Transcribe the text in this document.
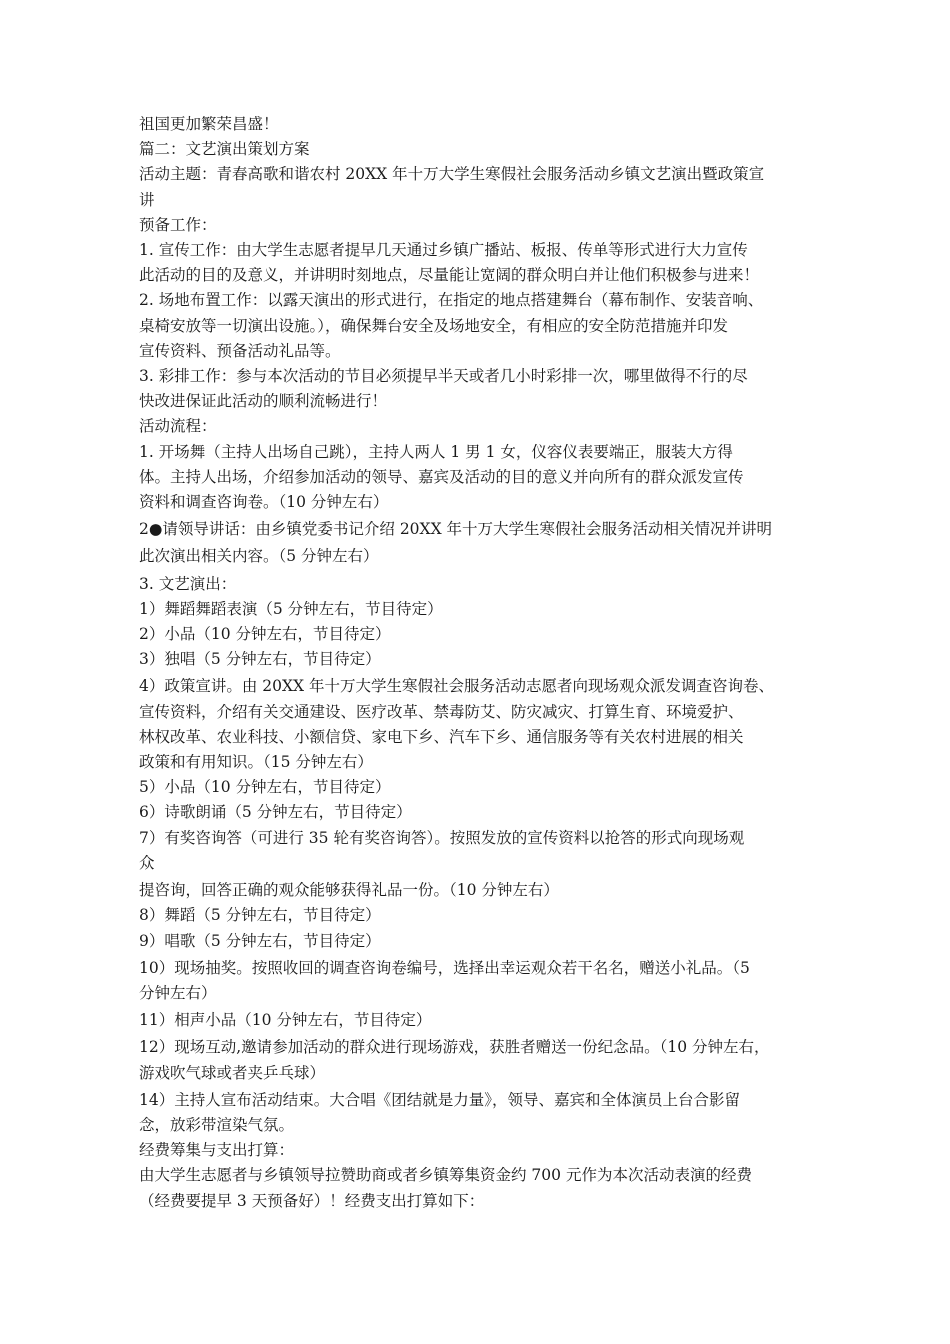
祖国更加繁荣昌盛！

篇二：文艺演出策划方案

活动主题：青春高歌和谐农村 20XX 年十万大学生寒假社会服务活动乡镇文艺演出暨政策宣

讲

预备工作：

1. 宣传工作：由大学生志愿者提早几天通过乡镇广播站、板报、传单等形式进行大力宣传

此活动的目的及意义，并讲明时刻地点，尽量能让宽阔的群众明白并让他们积极参与进来！

2. 场地布置工作：以露天演出的形式进行，在指定的地点搭建舞台（幕布制作、安装音响、

桌椅安放等一切演出设施。），确保舞台安全及场地安全，有相应的安全防范措施并印发

宣传资料、预备活动礼品等。

3. 彩排工作：参与本次活动的节目必须提早半天或者几小时彩排一次，哪里做得不行的尽

快改进保证此活动的顺利流畅进行！

活动流程：

1. 开场舞（主持人出场自己跳），主持人两人 1 男 1 女，仪容仪表要端正，服装大方得

体。主持人出场，介绍参加活动的领导、嘉宾及活动的目的意义并向所有的群众派发宣传

资料和调查咨询卷。（10 分钟左右）

2●请领导讲话：由乡镇党委书记介绍 20XX 年十万大学生寒假社会服务活动相关情况并讲明

此次演出相关内容。（5 分钟左右）

3. 文艺演出：

1）舞蹈舞蹈表演（5 分钟左右，节目待定）

2）小品（10 分钟左右，节目待定）

3）独唱（5 分钟左右，节目待定）

4）政策宣讲。由 20XX 年十万大学生寒假社会服务活动志愿者向现场观众派发调查咨询卷、

宣传资料，介绍有关交通建设、医疗改革、禁毒防艾、防灾减灾、打算生育、环境爱护、

林权改革、农业科技、小额信贷、家电下乡、汽车下乡、通信服务等有关农村进展的相关

政策和有用知识。（15 分钟左右）

5）小品（10 分钟左右，节目待定）

6）诗歌朗诵（5 分钟左右，节目待定）

7）有奖咨询答（可进行 35 轮有奖咨询答）。按照发放的宣传资料以抢答的形式向现场观

众

提咨询，回答正确的观众能够获得礼品一份。（10 分钟左右）

8）舞蹈（5 分钟左右，节目待定）

9）唱歌（5 分钟左右，节目待定）

10）现场抽奖。按照收回的调查咨询卷编号，选择出幸运观众若干名名，赠送小礼品。（5

分钟左右）

11）相声小品（10 分钟左右，节目待定）

12）现场互动,邀请参加活动的群众进行现场游戏，获胜者赠送一份纪念品。（10 分钟左右，

游戏吹气球或者夹乒乓球）

14）主持人宣布活动结束。大合唱《团结就是力量》，领导、嘉宾和全体演员上台合影留

念，放彩带渲染气氛。

经费筹集与支出打算：

由大学生志愿者与乡镇领导拉赞助商或者乡镇筹集资金约 700 元作为本次活动表演的经费

（经费要提早 3 天预备好）！经费支出打算如下：
